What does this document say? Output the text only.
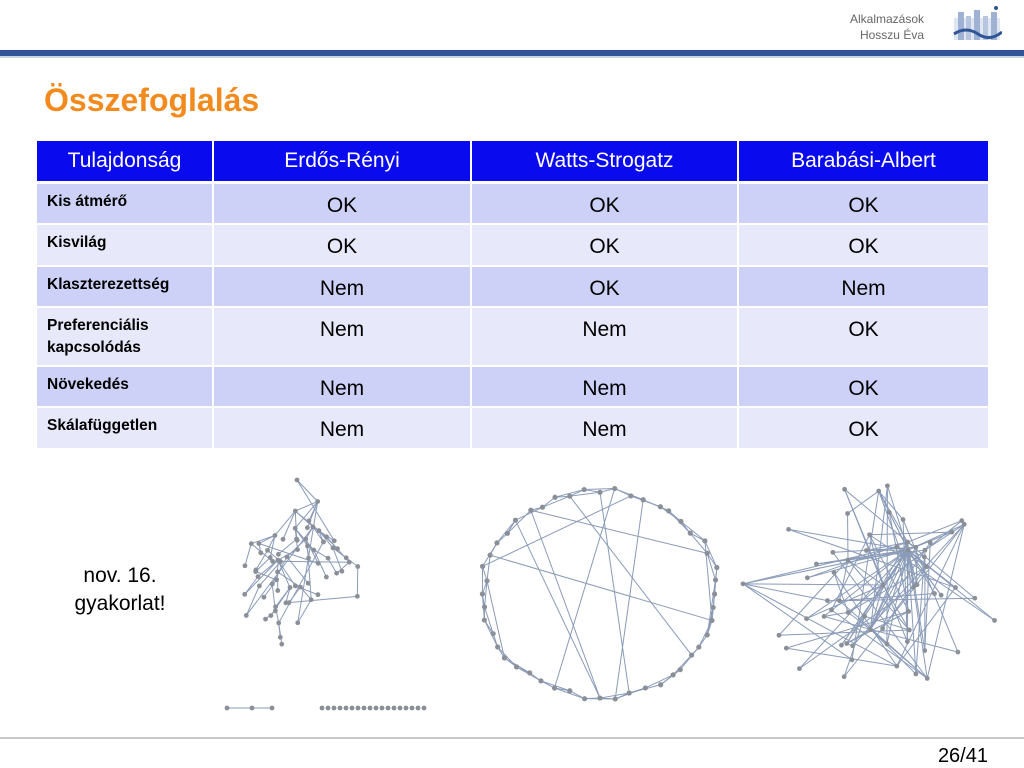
Alkalmazások
Hosszu Éva
Összefoglalás
Tulajdonság	Erdős-Rényi	Watts-Strogatz	Barabási-Albert
Kis átmérő	OK	OK	OK
Kisvilág	OK	OK	OK
Klaszterezettség	Nem	OK	Nem
Preferenciális kapcsolódás	Nem	Nem	OK
Növekedés	Nem	Nem	OK
Skálafüggetlen	Nem	Nem	OK
nov. 16.
gyakorlat!
26/41
